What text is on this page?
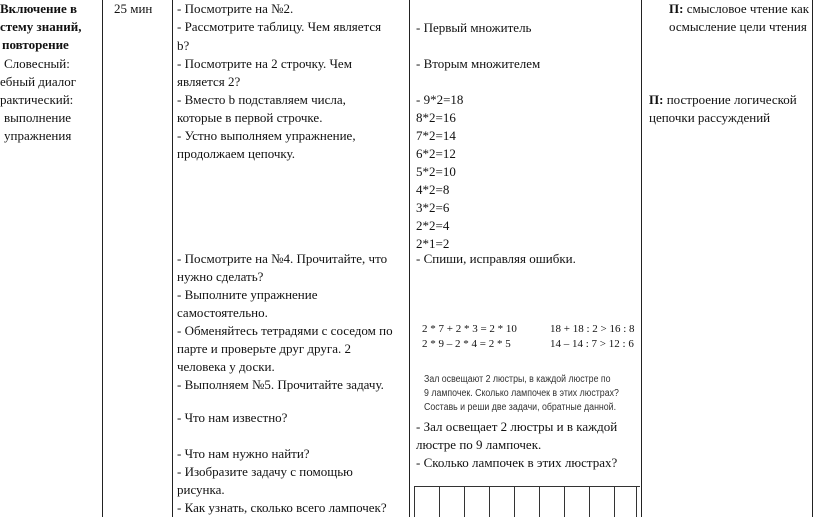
Включение в
стему знаний,
повторение
Словесный:
ебный диалог
рактический:
выполнение
упражнения
25 мин - Посмотрите на №2.
- Рассмотрите таблицу. Чем является
b?
- Посмотрите на 2 строчку. Чем
является 2?
- Вместо b подставляем числа,
которые в первой строчке.
- Устно выполняем упражнение,
продолжаем цепочку.
- Посмотрите на №4. Прочитайте, что
нужно сделать?
- Выполните упражнение
самостоятельно.
- Обменяйтесь тетрадями с соседом по
парте и проверьте друг друга. 2
человека у доски.
- Выполняем №5. Прочитайте задачу.
- Что нам известно?
- Что нам нужно найти?
- Изобразите задачу с помощью
рисунка.
- Как узнать, сколько всего лампочек?
- Первый множитель
- Вторым множителем
- 9*2=18
8*2=16
7*2=14
6*2=12
5*2=10
4*2=8
3*2=6
2*2=4
2*1=2
- Спиши, исправляя ошибки.
2 * 7 + 2 * 3 = 2 * 10
2 * 9 – 2 * 4 = 2 * 5
18 + 18 : 2 > 16 : 8
14 – 14 : 7 > 12 : 6
Зал освещают 2 люстры, в каждой люстре по
9 лампочек. Сколько лампочек в этих люстрах?
Составь и реши две задачи, обратные данной.
- Зал освещает 2 люстры и в каждой
люстре по 9 лампочек.
- Сколько лампочек в этих люстрах?
П: смысловое чтение как
осмысление цели чтения
П: построение логической
цепочки рассуждений
